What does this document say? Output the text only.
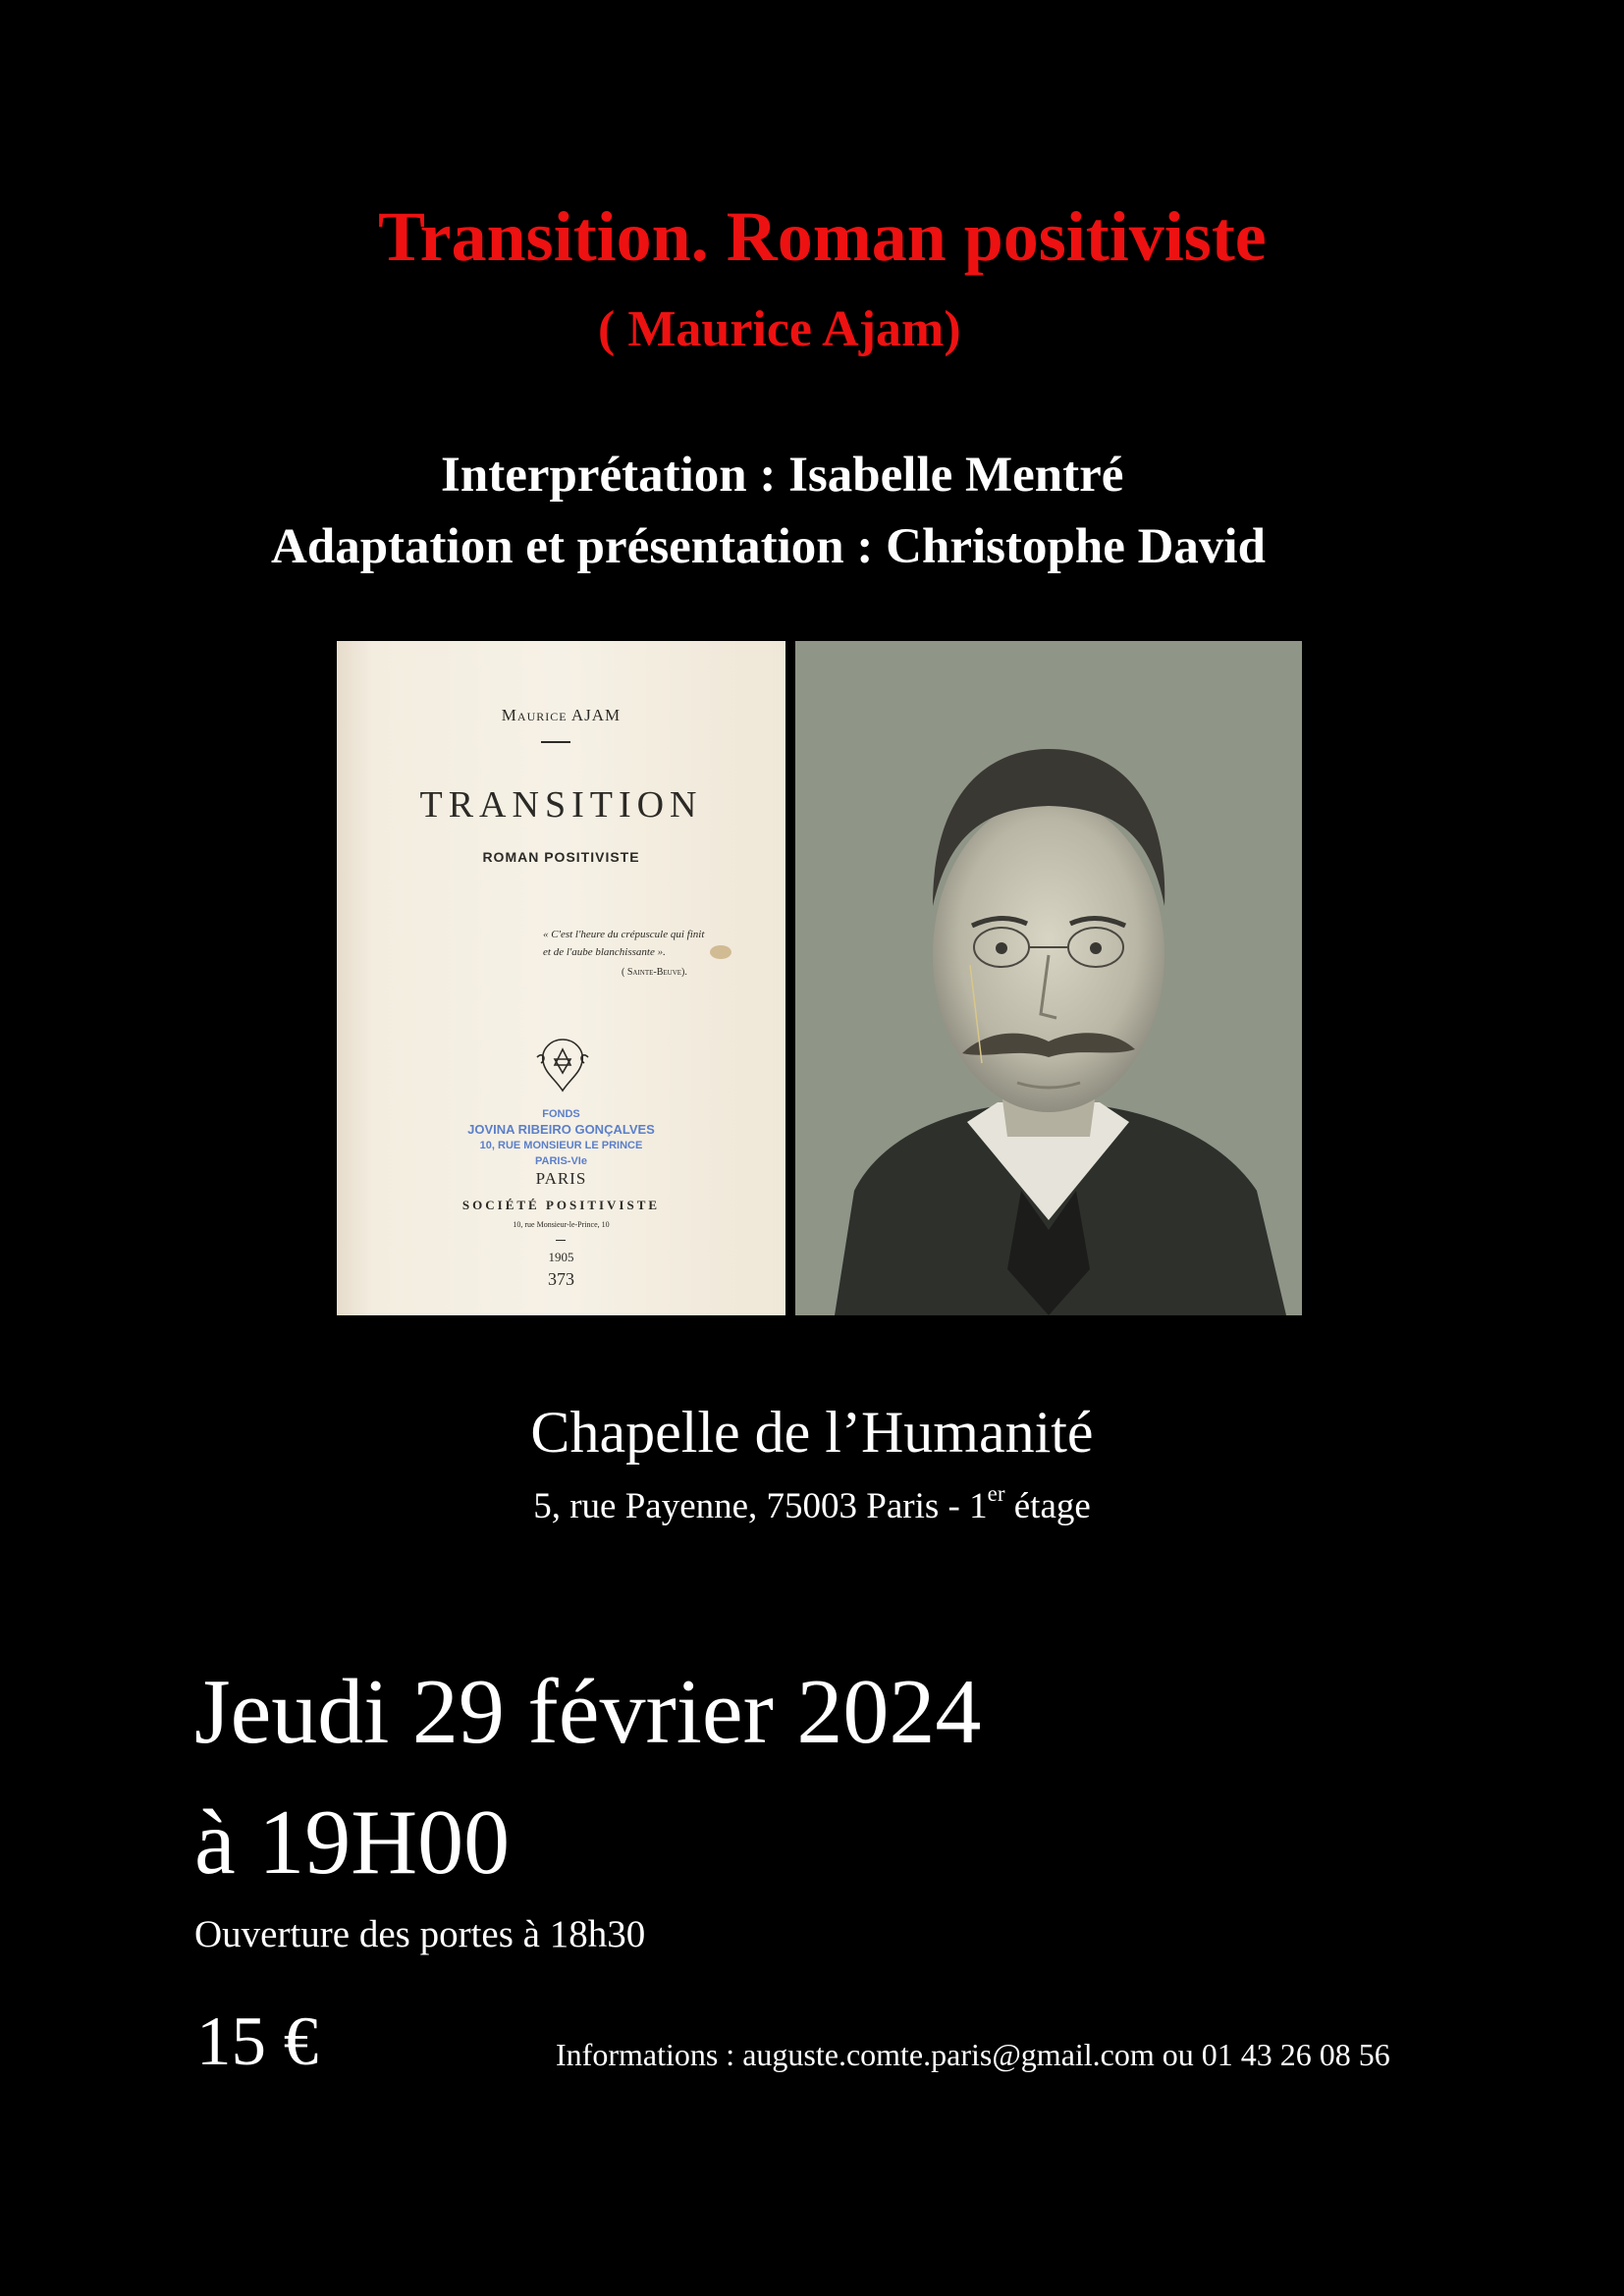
Transition. Roman positiviste
( Maurice Ajam)
Interprétation : Isabelle Mentré
Adaptation et présentation : Christophe David
Maurice AJAM
TRANSITION
ROMAN POSITIVISTE
« C'est l'heure du crépuscule qui finit
et de l'aube blanchissante ».
( Sainte-Beuve).
FONDS
JOVINA RIBEIRO GONÇALVES
10, RUE MONSIEUR LE PRINCE
PARIS-VIe
PARIS
SOCIÉTÉ POSITIVISTE
10, rue Monsieur-le-Prince, 10
1905
373
Chapelle de l’Humanité
5, rue Payenne, 75003 Paris - 1er étage
Jeudi 29 février 2024
à 19H00
Ouverture des portes à 18h30
15 €	Informations : auguste.comte.paris@gmail.com ou 01 43 26 08 56
